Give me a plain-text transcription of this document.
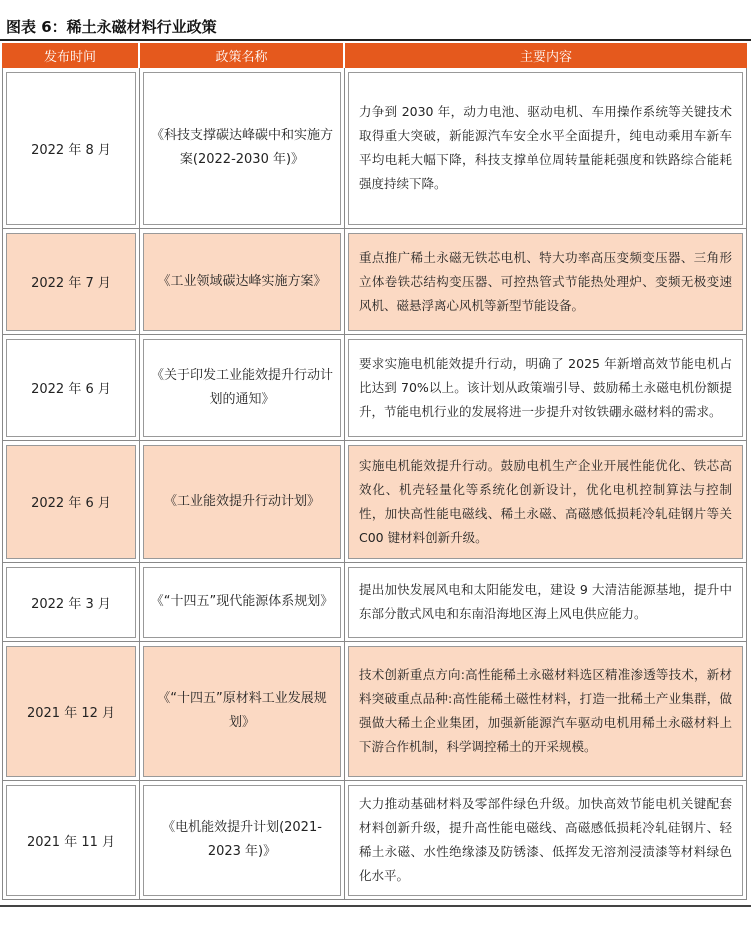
图表 6：稀土永磁材料行业政策
发布时间	政策名称	主要内容

2022 年 8 月	《科技支撑碳达峰碳中和实施方案(2022-2030 年)》	力争到 2030 年，动力电池、驱动电机、车用操作系统等关键技术取得重大突破，新能源汽车安全水平全面提升，纯电动乘用车新车平均电耗大幅下降，科技支撑单位周转量能耗强度和铁路综合能耗强度持续下降。

2022 年 7 月	《工业领域碳达峰实施方案》	重点推广稀土永磁无铁芯电机、特大功率高压变频变压器、三角形立体卷铁芯结构变压器、可控热管式节能热处理炉、变频无极变速风机、磁悬浮离心风机等新型节能设备。

2022 年 6 月	《关于印发工业能效提升行动计划的通知》	要求实施电机能效提升行动，明确了 2025 年新增高效节能电机占比达到 70%以上。该计划从政策端引导、鼓励稀土永磁电机份额提升，节能电机行业的发展将进一步提升对钕铁硼永磁材料的需求。

2022 年 6 月	《工业能效提升行动计划》	实施电机能效提升行动。鼓励电机生产企业开展性能优化、铁芯高效化、机壳轻量化等系统化创新设计，优化电机控制算法与控制性，加快高性能电磁线、稀土永磁、高磁感低损耗冷轧硅钢片等关 C00 键材料创新升级。

2022 年 3 月	《“十四五”现代能源体系规划》	提出加快发展风电和太阳能发电，建设 9 大清洁能源基地，提升中东部分散式风电和东南沿海地区海上风电供应能力。

2021 年 12 月	《“十四五”原材料工业发展规划》	技术创新重点方向:高性能稀土永磁材料选区精准渗透等技术，新材料突破重点品种:高性能稀土磁性材料，打造一批稀土产业集群，做强做大稀土企业集团，加强新能源汽车驱动电机用稀土永磁材料上下游合作机制，科学调控稀土的开采规模。

2021 年 11 月	《电机能效提升计划(2021-2023 年)》	大力推动基础材料及零部件绿色升级。加快高效节能电机关键配套材料创新升级，提升高性能电磁线、高磁感低损耗冷轧硅钢片、轻稀土永磁、水性绝缘漆及防锈漆、低挥发无溶剂浸渍漆等材料绿色化水平。
